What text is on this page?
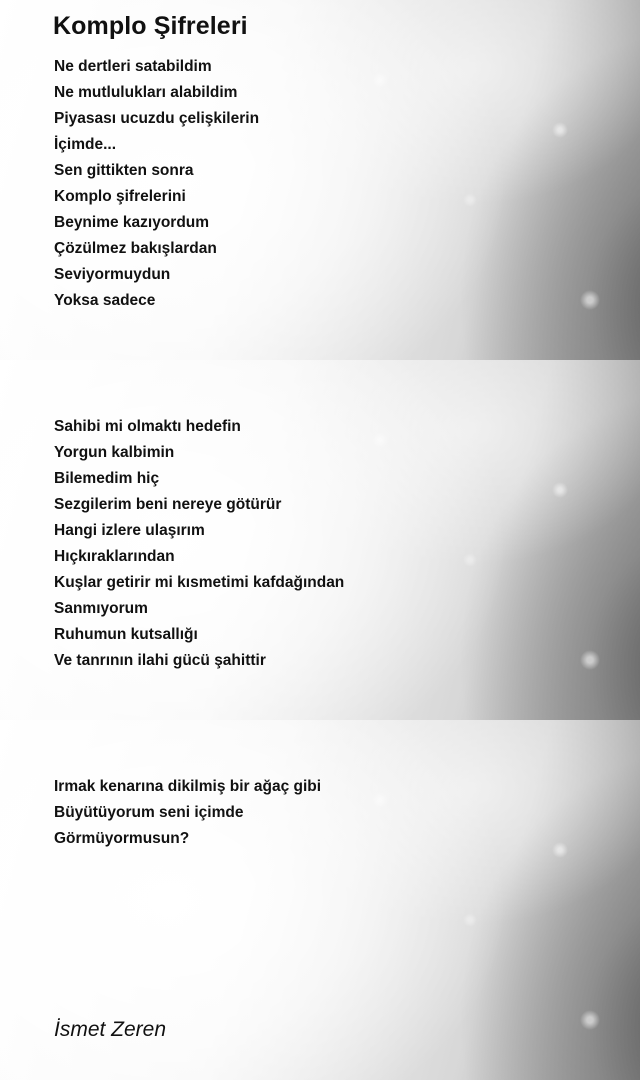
Komplo Şifreleri
Ne dertleri satabildim
Ne mutlulukları alabildim
Piyasası ucuzdu çelişkilerin
İçimde...
Sen gittikten sonra
Komplo şifrelerini
Beynime kazıyordum
Çözülmez bakışlardan
Seviyormuydun
Yoksa sadece
Sahibi mi olmaktı hedefin
Yorgun kalbimin
Bilemedim hiç
Sezgilerim beni nereye götürür
Hangi izlere ulaşırım
Hıçkıraklarından
Kuşlar getirir mi kısmetimi kafdağından
Sanmıyorum
Ruhumun kutsallığı
Ve tanrının ilahi gücü şahittir
Irmak kenarına dikilmiş bir ağaç gibi
Büyütüyorum seni içimde
Görmüyormusun?
İsmet Zeren
